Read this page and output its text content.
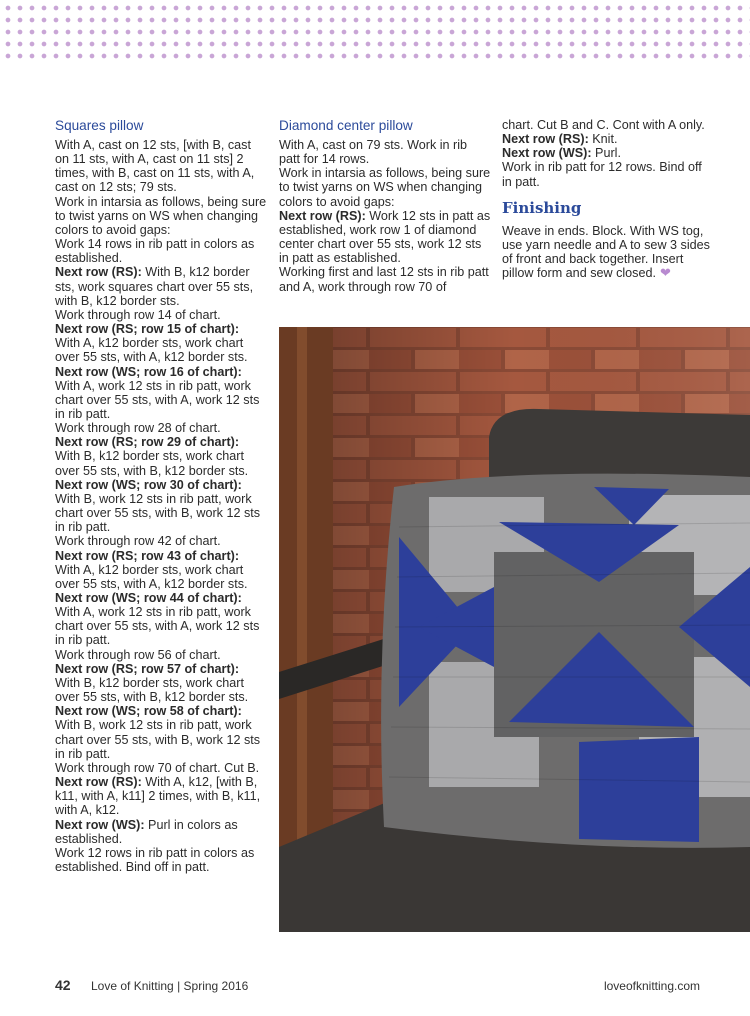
Squares pillow

With A, cast on 12 sts, [with B, cast on 11 sts, with A, cast on 11 sts] 2 times, with B, cast on 11 sts, with A, cast on 12 sts; 79 sts.

Work in intarsia as follows, being sure to twist yarns on WS when changing colors to avoid gaps:

Work 14 rows in rib patt in colors as established.

Next row (RS): With B, k12 border sts, work squares chart over 55 sts, with B, k12 border sts.

Work through row 14 of chart.

Next row (RS; row 15 of chart): With A, k12 border sts, work chart over 55 sts, with A, k12 border sts.

Next row (WS; row 16 of chart): With A, work 12 sts in rib patt, work chart over 55 sts, with A, work 12 sts in rib patt.

Work through row 28 of chart.

Next row (RS; row 29 of chart): With B, k12 border sts, work chart over 55 sts, with B, k12 border sts.

Next row (WS; row 30 of chart): With B, work 12 sts in rib patt, work chart over 55 sts, with B, work 12 sts in rib patt.

Work through row 42 of chart.

Next row (RS; row 43 of chart): With A, k12 border sts, work chart over 55 sts, with A, k12 border sts.

Next row (WS; row 44 of chart): With A, work 12 sts in rib patt, work chart over 55 sts, with A, work 12 sts in rib patt.

Work through row 56 of chart.

Next row (RS; row 57 of chart): With B, k12 border sts, work chart over 55 sts, with B, k12 border sts.

Next row (WS; row 58 of chart): With B, work 12 sts in rib patt, work chart over 55 sts, with B, work 12 sts in rib patt.

Work through row 70 of chart. Cut B.

Next row (RS): With A, k12, [with B, k11, with A, k11] 2 times, with B, k11, with A, k12.

Next row (WS): Purl in colors as established.

Work 12 rows in rib patt in colors as established. Bind off in patt.

Diamond center pillow

With A, cast on 79 sts. Work in rib patt for 14 rows.

Work in intarsia as follows, being sure to twist yarns on WS when changing colors to avoid gaps:

Next row (RS): Work 12 sts in patt as established, work row 1 of diamond center chart over 55 sts, work 12 sts in patt as established.

Working first and last 12 sts in rib patt and A, work through row 70 of

chart. Cut B and C. Cont with A only.

Next row (RS): Knit.

Next row (WS): Purl.

Work in rib patt for 12 rows. Bind off in patt.

Finishing

Weave in ends. Block. With WS tog, use yarn needle and A to sew 3 sides of front and back together. Insert pillow form and sew closed. ❤

42 Love of Knitting | Spring 2016	loveofknitting.com
